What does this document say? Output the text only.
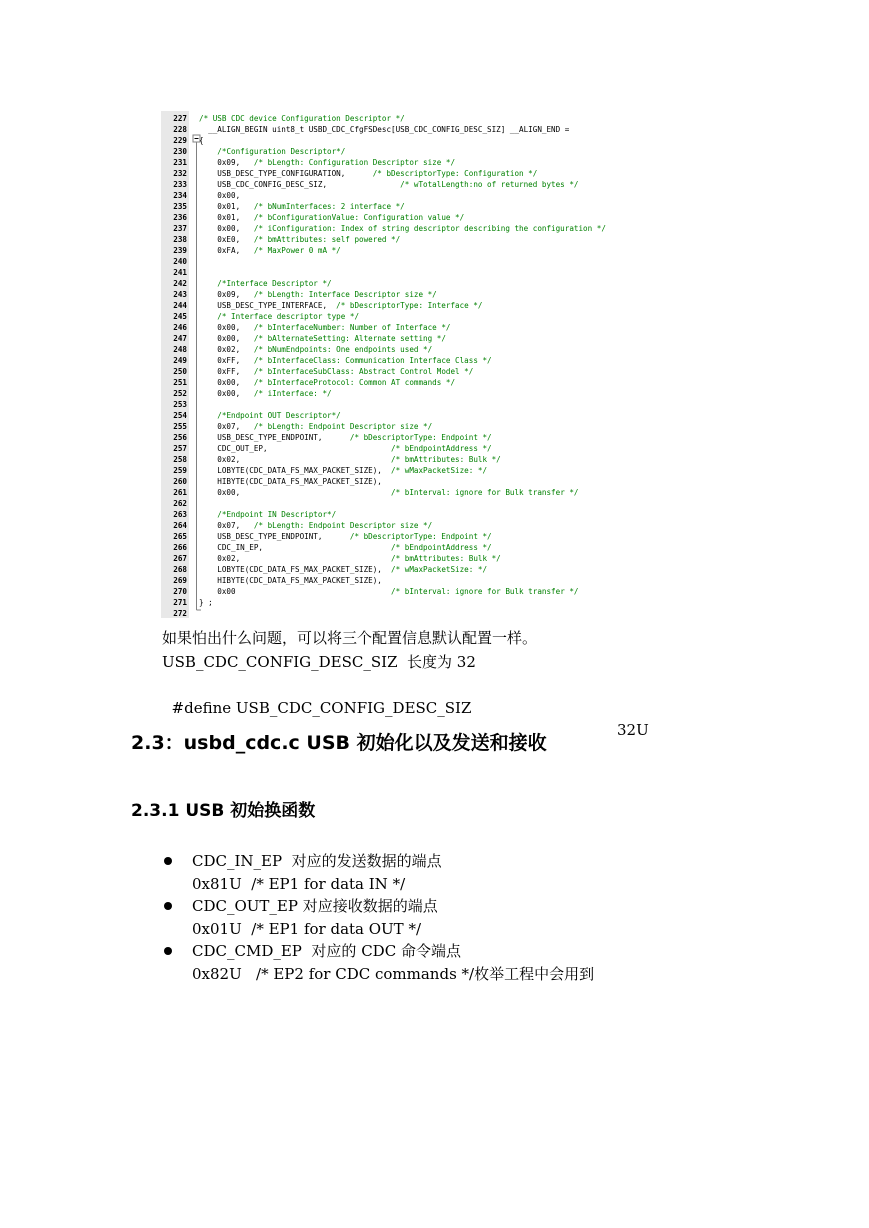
/* USB CDC device Configuration Descriptor */
__ALIGN_BEGIN uint8_t USBD_CDC_CfgFSDesc[USB_CDC_CONFIG_DESC_SIZ] __ALIGN_END =
{
/*Configuration Descriptor*/
0x09,   /* bLength: Configuration Descriptor size */
USB_DESC_TYPE_CONFIGURATION,      /* bDescriptorType: Configuration */
USB_CDC_CONFIG_DESC_SIZ,                /* wTotalLength:no of returned bytes */
0x00,
0x01,   /* bNumInterfaces: 2 interface */
0x01,   /* bConfigurationValue: Configuration value */
0x00,   /* iConfiguration: Index of string descriptor describing the configuration */
0xE0,   /* bmAttributes: self powered */
0xFA,   /* MaxPower 0 mA */
/*Interface Descriptor */
0x09,   /* bLength: Interface Descriptor size */
USB_DESC_TYPE_INTERFACE,  /* bDescriptorType: Interface */
/* Interface descriptor type */
0x00,   /* bInterfaceNumber: Number of Interface */
0x00,   /* bAlternateSetting: Alternate setting */
0x02,   /* bNumEndpoints: One endpoints used */
0xFF,   /* bInterfaceClass: Communication Interface Class */
0xFF,   /* bInterfaceSubClass: Abstract Control Model */
0x00,   /* bInterfaceProtocol: Common AT commands */
0x00,   /* iInterface: */
/*Endpoint OUT Descriptor*/
0x07,   /* bLength: Endpoint Descriptor size */
USB_DESC_TYPE_ENDPOINT,      /* bDescriptorType: Endpoint */
CDC_OUT_EP,                           /* bEndpointAddress */
0x02,                                 /* bmAttributes: Bulk */
LOBYTE(CDC_DATA_FS_MAX_PACKET_SIZE),  /* wMaxPacketSize: */
HIBYTE(CDC_DATA_FS_MAX_PACKET_SIZE),
0x00,                                 /* bInterval: ignore for Bulk transfer */
/*Endpoint IN Descriptor*/
0x07,   /* bLength: Endpoint Descriptor size */
USB_DESC_TYPE_ENDPOINT,      /* bDescriptorType: Endpoint */
CDC_IN_EP,                            /* bEndpointAddress */
0x02,                                 /* bmAttributes: Bulk */
LOBYTE(CDC_DATA_FS_MAX_PACKET_SIZE),  /* wMaxPacketSize: */
HIBYTE(CDC_DATA_FS_MAX_PACKET_SIZE),
0x00                                  /* bInterval: ignore for Bulk transfer */
} ;
227
228
229
230
231
232
233
234
235
236
237
238
239
240
241
242
243
244
245
246
247
248
249
250
251
252
253
254
255
256
257
258
259
260
261
262
263
264
265
266
267
268
269
270
271
272
如果怕出什么问题，可以将三个配置信息默认配置一样。
USB_CDC_CONFIG_DESC_SIZ  长度为 32

#define USB_CDC_CONFIG_DESC_SIZ

32U

2.3：usbd_cdc.c USB 初始化以及发送和接收
2.3.1 USB 初始换函数
CDC_IN_EP  对应的发送数据的端点
0x81U  /* EP1 for data IN */
CDC_OUT_EP 对应接收数据的端点
0x01U  /* EP1 for data OUT */
CDC_CMD_EP  对应的 CDC 命令端点
0x82U   /* EP2 for CDC commands */枚举工程中会用到
